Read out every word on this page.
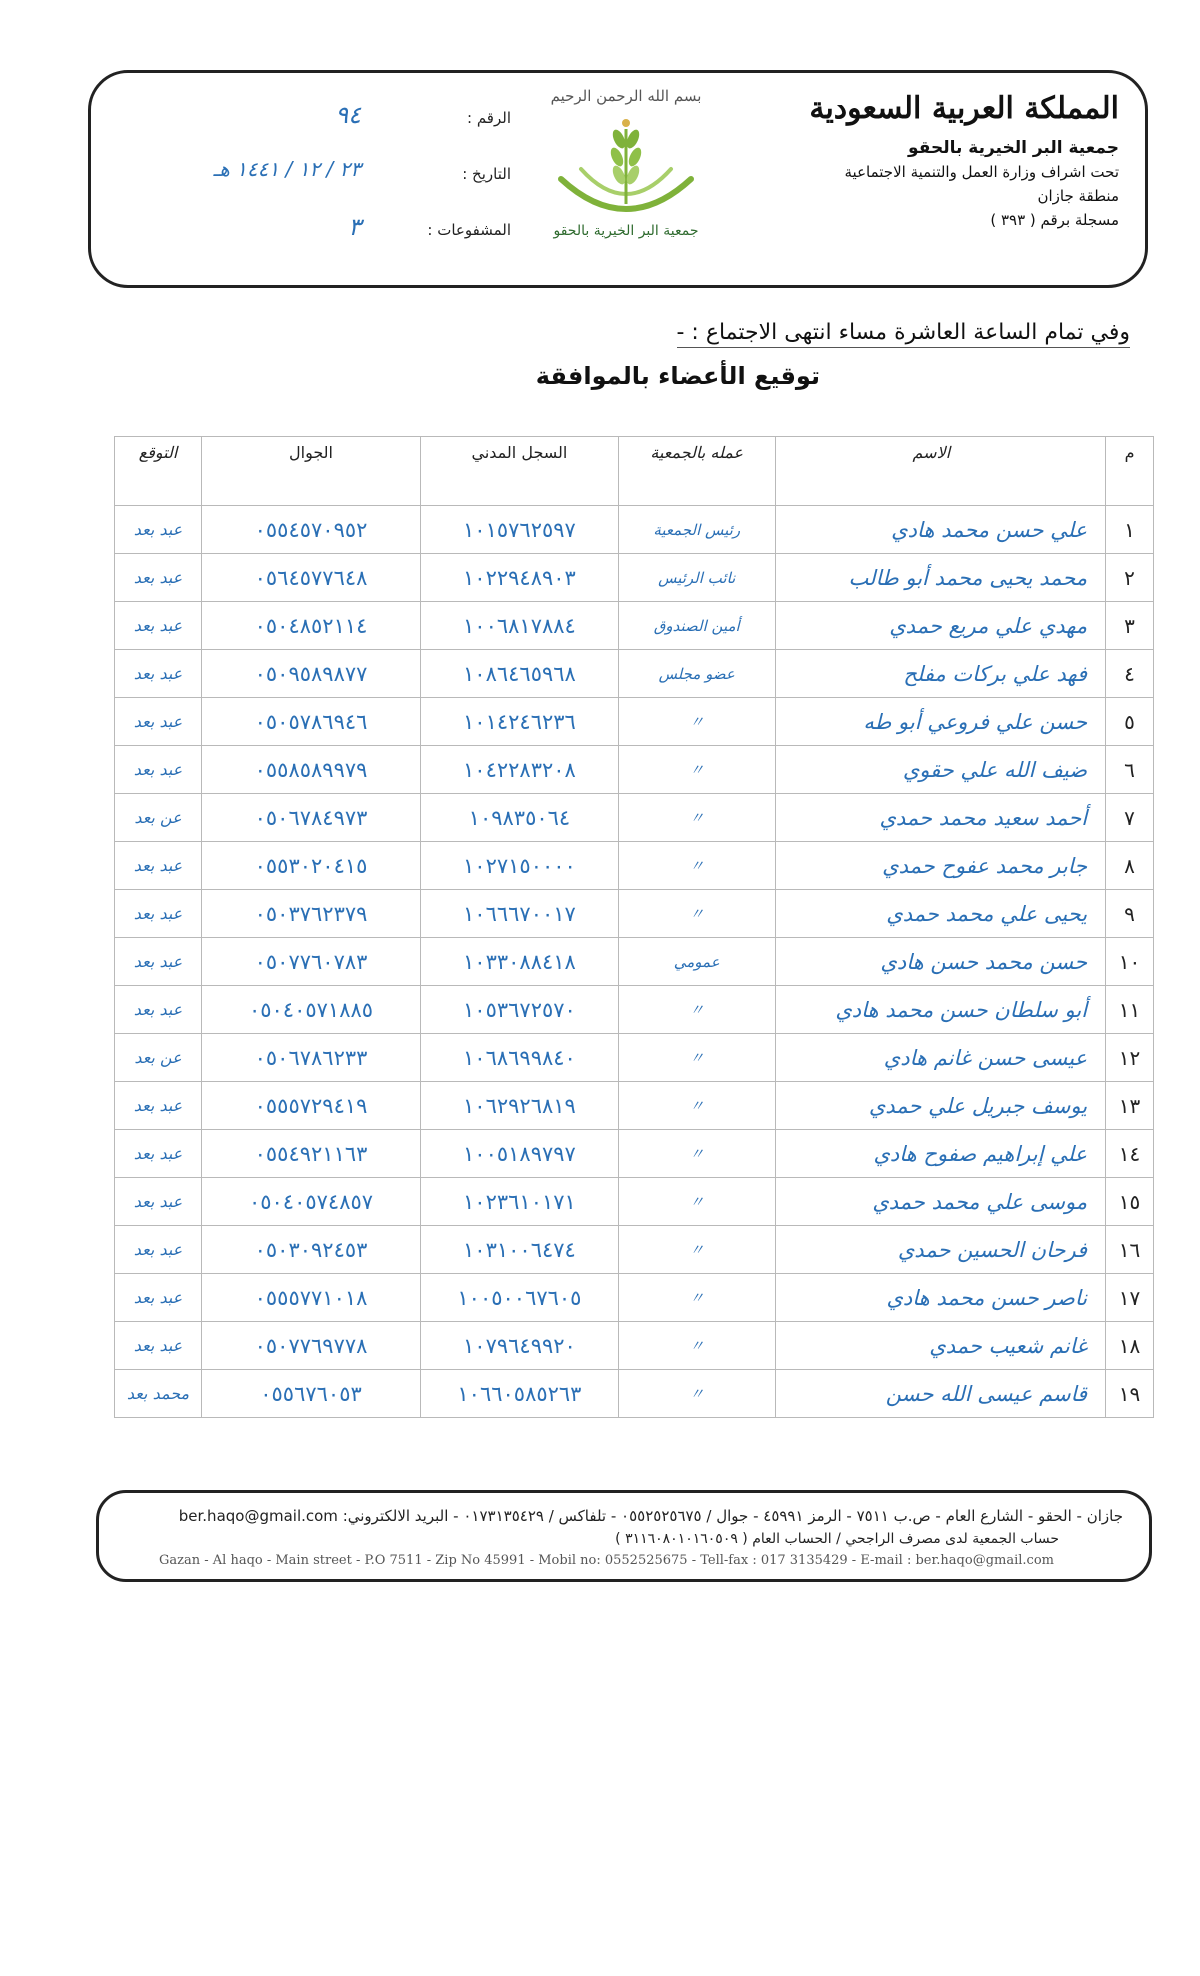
المملكة العربية السعودية
جمعية البر الخيرية بالحقو
تحت اشراف وزارة العمل والتنمية الاجتماعية
منطقة جازان
مسجلة برقم ( ٣٩٣ )
بسم الله الرحمن الرحيم
جمعية البر الخيرية بالحقو
الرقم :
٩٤
التاريخ :
٢٣ / ١٢ / ١٤٤١ هـ
المشفوعات :
٣
وفي تمام الساعة العاشرة مساء انتهى الاجتماع : -
توقيع الأعضاء بالموافقة
م	الاسم	عمله بالجمعية	السجل المدني	الجوال	التوقع
١	علي حسن محمد هادي	رئيس الجمعية	١٠١٥٧٦٢٥٩٧	٠٥٥٤٥٧٠٩٥٢	عبد بعد
٢	محمد يحيى محمد أبو طالب	نائب الرئيس	١٠٢٢٩٤٨٩٠٣	٠٥٦٤٥٧٧٦٤٨	عبد بعد
٣	مهدي علي مريع حمدي	أمين الصندوق	١٠٠٦٨١٧٨٨٤	٠٥٠٤٨٥٢١١٤	عبد بعد
٤	فهد علي بركات مفلح	عضو مجلس	١٠٨٦٤٦٥٩٦٨	٠٥٠٩٥٨٩٨٧٧	عبد بعد
٥	حسن علي فروعي أبو طه	〃	١٠١٤٢٤٦٢٣٦	٠٥٠٥٧٨٦٩٤٦	عبد بعد
٦	ضيف الله علي حقوي	〃	١٠٤٢٢٨٣٢٠٨	٠٥٥٨٥٨٩٩٧٩	عبد بعد
٧	أحمد سعيد محمد حمدي	〃	١٠٩٨٣٥٠٦٤	٠٥٠٦٧٨٤٩٧٣	عن بعد
٨	جابر محمد عفوح حمدي	〃	١٠٢٧١٥٠٠٠٠	٠٥٥٣٠٢٠٤١٥	عبد بعد
٩	يحيى علي محمد حمدي	〃	١٠٦٦٦٧٠٠١٧	٠٥٠٣٧٦٢٣٧٩	عبد بعد
١٠	حسن محمد حسن هادي	عمومي	١٠٣٣٠٨٨٤١٨	٠٥٠٧٧٦٠٧٨٣	عبد بعد
١١	أبو سلطان حسن محمد هادي	〃	١٠٥٣٦٧٢٥٧٠	٠٥٠٤٠٥٧١٨٨٥	عبد بعد
١٢	عيسى حسن غانم هادي	〃	١٠٦٨٦٩٩٨٤٠	٠٥٠٦٧٨٦٢٣٣	عن بعد
١٣	يوسف جبريل علي حمدي	〃	١٠٦٢٩٢٦٨١٩	٠٥٥٥٧٢٩٤١٩	عبد بعد
١٤	علي إبراهيم صفوح هادي	〃	١٠٠٥١٨٩٧٩٧	٠٥٥٤٩٢١١٦٣	عبد بعد
١٥	موسى علي محمد حمدي	〃	١٠٢٣٦١٠١٧١	٠٥٠٤٠٥٧٤٨٥٧	عبد بعد
١٦	فرحان الحسين حمدي	〃	١٠٣١٠٠٦٤٧٤	٠٥٠٣٠٩٢٤٥٣	عبد بعد
١٧	ناصر حسن محمد هادي	〃	١٠٠٥٠٠٦٧٦٠٥	٠٥٥٥٧٧١٠١٨	عبد بعد
١٨	غانم شعيب حمدي	〃	١٠٧٩٦٤٩٩٢٠	٠٥٠٧٧٦٩٧٧٨	عبد بعد
١٩	قاسم عيسى الله حسن	〃	١٠٦٦٠٥٨٥٢٦٣	٠٥٥٦٧٦٠٥٣	محمد بعد
جازان - الحقو - الشارع العام - ص.ب ٧٥١١ - الرمز ٤٥٩٩١ - جوال / ٠٥٥٢٥٢٥٦٧٥ - تلفاكس / ٠١٧٣١٣٥٤٢٩ - البريد الالكتروني: ber.haqo@gmail.com
حساب الجمعية لدى مصرف الراجحي / الحساب العام ( ٣١١٦٠٨٠١٠١٦٠٥٠٩ )
Gazan - Al haqo - Main street - P.O 7511 - Zip No 45991 - Mobil no: 0552525675 - Tell-fax : 017 3135429 - E-mail : ber.haqo@gmail.com
